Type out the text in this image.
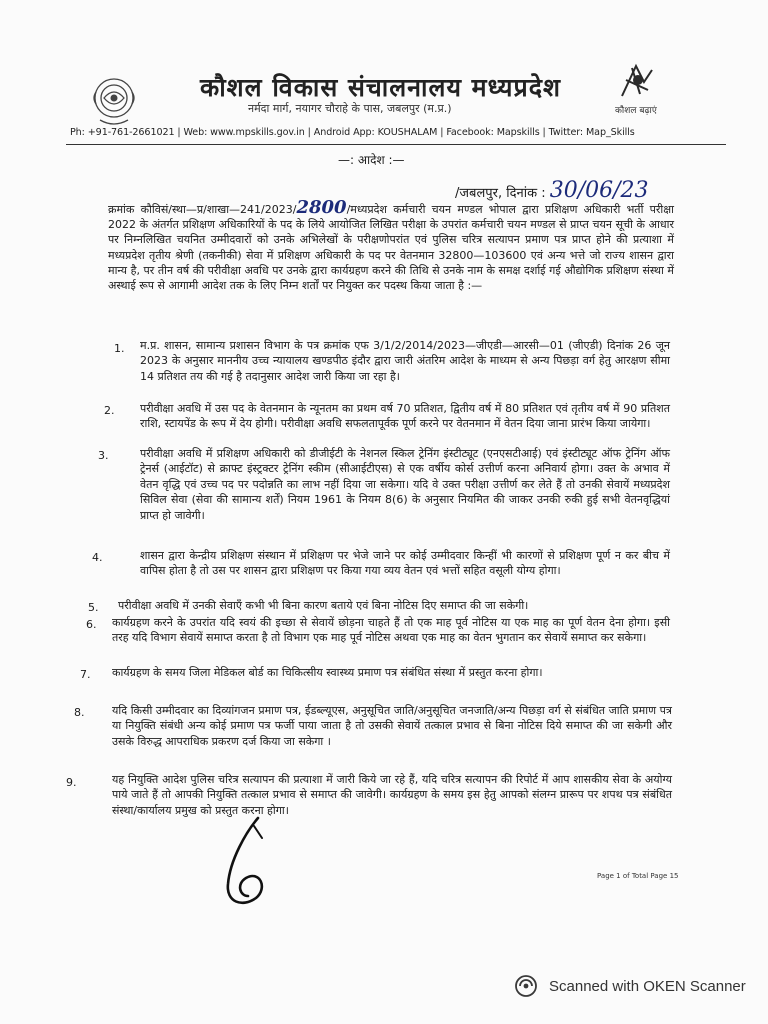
कौशल विकास संचालनालय मध्यप्रदेश
नर्मदा मार्ग, नयागर चौराहे के पास, जबलपुर (म.प्र.)	कौशल बढ़ाएं
Ph: +91-761-2661021 | Web: www.mpskills.gov.in | Android App: KOUSHALAM | Facebook: Mapskills | Twitter: Map_Skills
—: आदेश :—
/जबलपुर, दिनांक : 30/06/23
क्रमांक कौविसं/स्था—प्र/शाखा—241/2023/2800/मध्यप्रदेश कर्मचारी चयन मण्डल भोपाल द्वारा प्रशिक्षण अधिकारी भर्ती परीक्षा 2022 के अंतर्गत प्रशिक्षण अधिकारियों के पद के लिये आयोजित लिखित परीक्षा के उपरांत कर्मचारी चयन मण्डल से प्राप्त चयन सूची के आधार पर निम्नलिखित चयनित उम्मीदवारों को उनके अभिलेखों के परीक्षणोपरांत एवं पुलिस चरित्र सत्यापन प्रमाण पत्र प्राप्त होने की प्रत्याशा में मध्यप्रदेश तृतीय श्रेणी (तकनीकी) सेवा में प्रशिक्षण अधिकारी के पद पर वेतनमान 32800—103600 एवं अन्य भत्ते जो राज्य शासन द्वारा मान्य है, पर तीन वर्ष की परीवीक्षा अवधि पर उनके द्वारा कार्यग्रहण करने की तिथि से उनके नाम के समक्ष दर्शाई गई औद्योगिक प्रशिक्षण संस्था में अस्थाई रूप से आगामी आदेश तक के लिए निम्न शर्तों पर नियुक्त कर पदस्थ किया जाता है :—
1. म.प्र. शासन, सामान्य प्रशासन विभाग के पत्र क्रमांक एफ 3/1/2/2014/2023—जीएडी—आरसी—01 (जीएडी) दिनांक 26 जून 2023 के अनुसार माननीय उच्च न्यायालय खण्डपीठ इंदौर द्वारा जारी अंतरिम आदेश के माध्यम से अन्य पिछड़ा वर्ग हेतु आरक्षण सीमा 14 प्रतिशत तय की गई है तदानुसार आदेश जारी किया जा रहा है।
2. परीवीक्षा अवधि में उस पद के वेतनमान के न्यूनतम का प्रथम वर्ष 70 प्रतिशत, द्वितीय वर्ष में 80 प्रतिशत एवं तृतीय वर्ष में 90 प्रतिशत राशि, स्टायपेंड के रूप में देय होगी। परीवीक्षा अवधि सफलतापूर्वक पूर्ण करने पर वेतनमान में वेतन दिया जाना प्रारंभ किया जायेगा।
3.	परीवीक्षा अवधि में प्रशिक्षण अधिकारी को डीजीईटी के नेशनल स्किल ट्रेनिंग इंस्टीट्यूट (एनएसटीआई) एवं इंस्टीट्यूट ऑफ ट्रेनिंग ऑफ ट्रेनर्स (आईटॉट) से क्राफ्ट इंस्ट्रक्टर ट्रेनिंग स्कीम (सीआईटीएस) से एक वर्षीय कोर्स उत्तीर्ण करना अनिवार्य होगा। उक्त के अभाव में वेतन वृद्धि एवं उच्च पद पर पदोन्नति का लाभ नहीं दिया जा सकेगा। यदि वे उक्त परीक्षा उत्तीर्ण कर लेते हैं तो उनकी सेवायें मध्यप्रदेश सिविल सेवा (सेवा की सामान्य शर्तें) नियम 1961 के नियम 8(6) के अनुसार नियमित की जाकर उनकी रुकी हुई सभी वेतनवृद्धियां प्राप्त हो जावेगी।
4.	शासन द्वारा केन्द्रीय प्रशिक्षण संस्थान में प्रशिक्षण पर भेजे जाने पर कोई उम्मीदवार किन्हीं भी कारणों से प्रशिक्षण पूर्ण न कर बीच में वापिस होता है तो उस पर शासन द्वारा प्रशिक्षण पर किया गया व्यय वेतन एवं भत्तों सहित वसूली योग्य होगा।
5. परीवीक्षा अवधि में उनकी सेवाएँ कभी भी बिना कारण बताये एवं बिना नोटिस दिए समाप्त की जा सकेगी।
6. कार्यग्रहण करने के उपरांत यदि स्वयं की इच्छा से सेवायें छोड़ना चाहते हैं तो एक माह पूर्व नोटिस या एक माह का पूर्ण वेतन देना होगा। इसी तरह यदि विभाग सेवायें समाप्त करता है तो विभाग एक माह पूर्व नोटिस अथवा एक माह का वेतन भुगतान कर सेवायें समाप्त कर सकेगा।
7. कार्यग्रहण के समय जिला मेडिकल बोर्ड का चिकित्सीय स्वास्थ्य प्रमाण पत्र संबंधित संस्था में प्रस्तुत करना होगा।
8.	यदि किसी उम्मीदवार का दिव्यांगजन प्रमाण पत्र, ईडब्ल्यूएस, अनुसूचित जाति/अनुसूचित जनजाति/अन्य पिछड़ा वर्ग से संबंधित जाति प्रमाण पत्र या नियुक्ति संबंधी अन्य कोई प्रमाण पत्र फर्जी पाया जाता है तो उसकी सेवायें तत्काल प्रभाव से बिना नोटिस दिये समाप्त की जा सकेगी और उसके विरुद्ध आपराधिक प्रकरण दर्ज किया जा सकेगा ।
9.	यह नियुक्ति आदेश पुलिस चरित्र सत्यापन की प्रत्याशा में जारी किये जा रहे हैं, यदि चरित्र सत्यापन की रिपोर्ट में आप शासकीय सेवा के अयोग्य पाये जाते हैं तो आपकी नियुक्ति तत्काल प्रभाव से समाप्त की जावेगी। कार्यग्रहण के समय इस हेतु आपको संलग्न प्रारूप पर शपथ पत्र संबंधित संस्था/कार्यालय प्रमुख को प्रस्तुत करना होगा।
Page 1 of Total Page 15
Scanned with OKEN Scanner
